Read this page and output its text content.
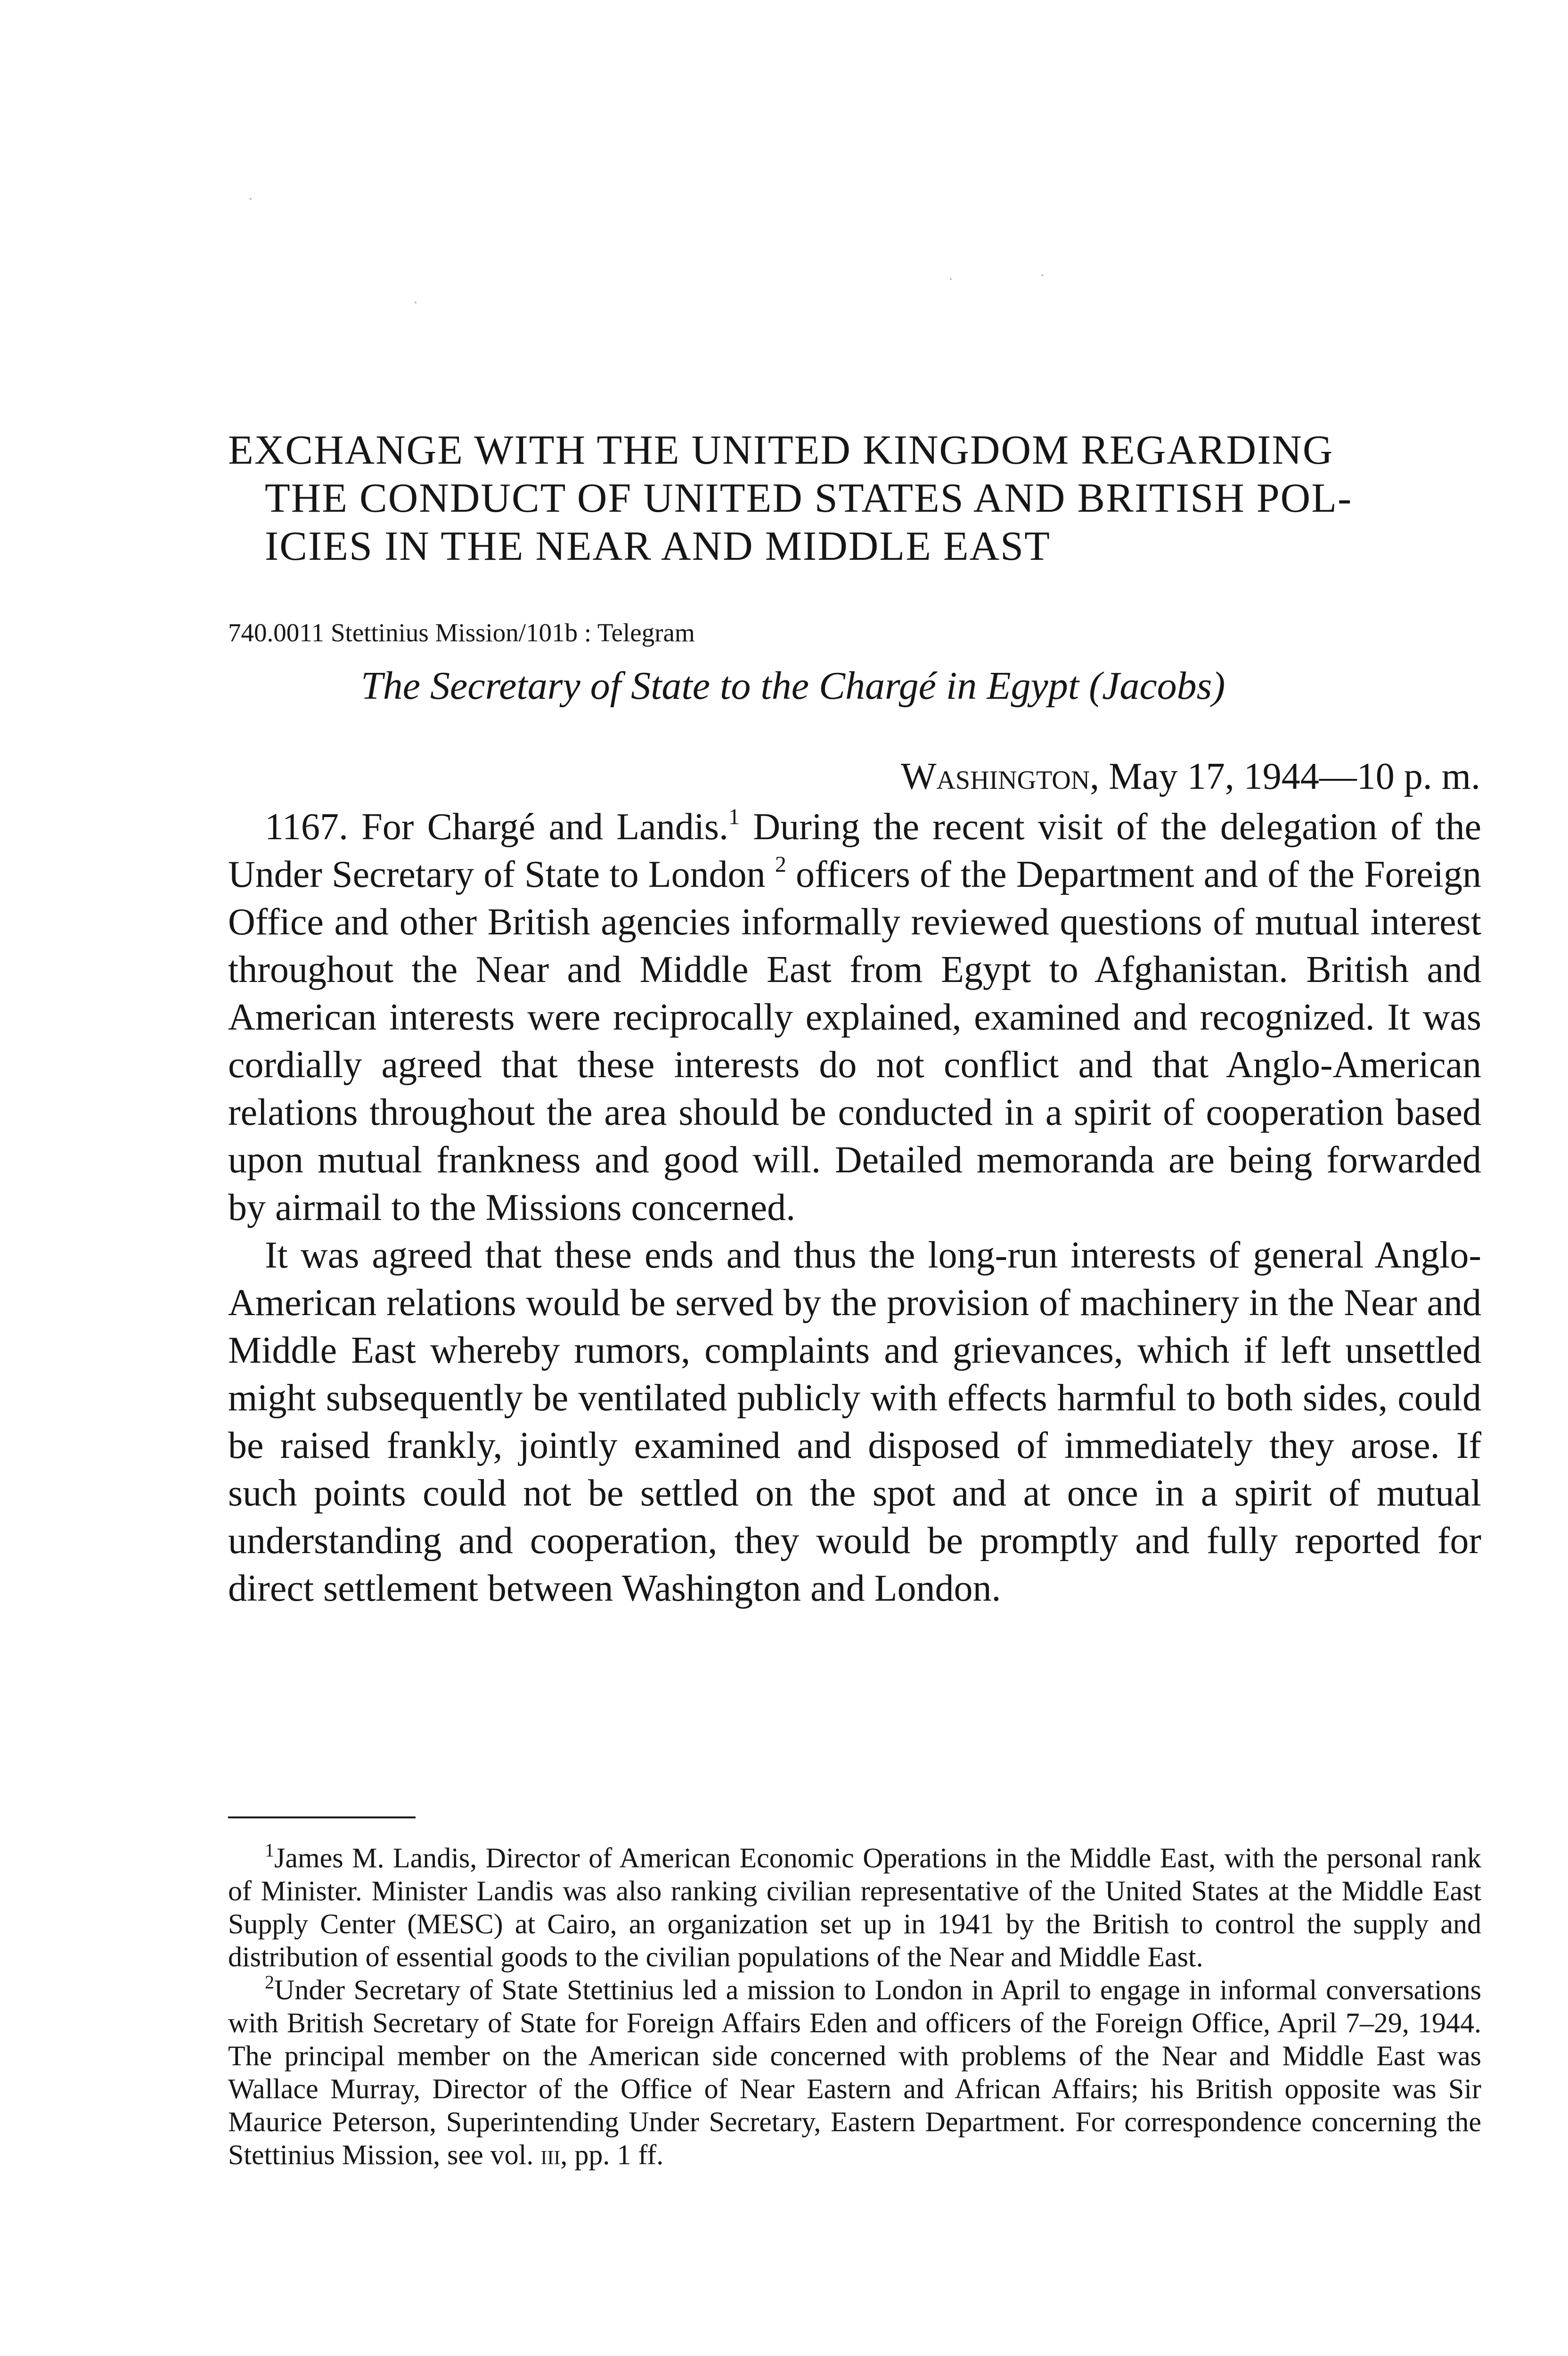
EXCHANGE WITH THE UNITED KINGDOM REGARDING
THE CONDUCT OF UNITED STATES AND BRITISH POL-
ICIES IN THE NEAR AND MIDDLE EAST
740.0011 Stettinius Mission/101b : Telegram
The Secretary of State to the Chargé in Egypt (Jacobs)
Washington, May 17, 1944—10 p. m.

1167. For Chargé and Landis.$^1$ During the recent visit of the delegation of the Under Secretary of State to London $^2$ officers of the Department and of the Foreign Office and other British agencies informally reviewed questions of mutual interest throughout the Near and Middle East from Egypt to Afghanistan. British and American interests were reciprocally explained, examined and recognized. It was cordially agreed that these interests do not conflict and that Anglo-American relations throughout the area should be conducted in a spirit of cooperation based upon mutual frankness and good will. Detailed memoranda are being forwarded by airmail to the Missions concerned.

It was agreed that these ends and thus the long-run interests of general Anglo-American relations would be served by the provision of machinery in the Near and Middle East whereby rumors, complaints and grievances, which if left unsettled might subsequently be ventilated publicly with effects harmful to both sides, could be raised frankly, jointly examined and disposed of immediately they arose. If such points could not be settled on the spot and at once in a spirit of mutual understanding and cooperation, they would be promptly and fully reported for direct settlement between Washington and London.

$^1$James M. Landis, Director of American Economic Operations in the Middle East, with the personal rank of Minister. Minister Landis was also ranking civilian representative of the United States at the Middle East Supply Center (MESC) at Cairo, an organization set up in 1941 by the British to control the supply and distribution of essential goods to the civilian populations of the Near and Middle East.

$^2$Under Secretary of State Stettinius led a mission to London in April to engage in informal conversations with British Secretary of State for Foreign Affairs Eden and officers of the Foreign Office, April 7–29, 1944. The principal member on the American side concerned with problems of the Near and Middle East was Wallace Murray, Director of the Office of Near Eastern and African Affairs; his British opposite was Sir Maurice Peterson, Superintending Under Secretary, Eastern Department. For correspondence concerning the Stettinius Mission, see vol. iii, pp. 1 ff.
